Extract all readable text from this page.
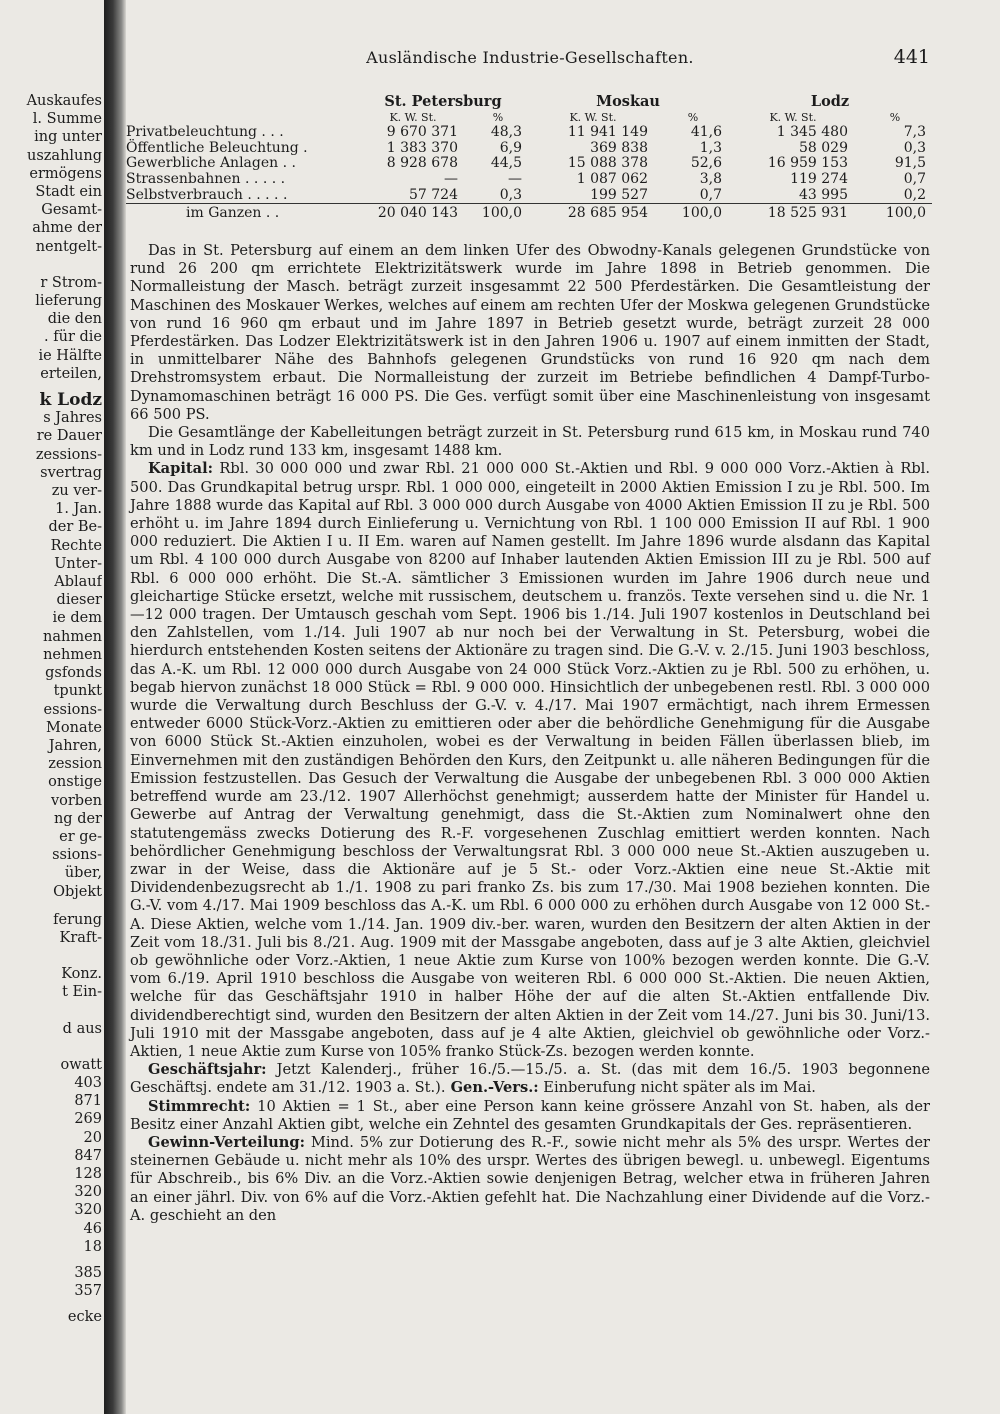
Auskaufes
l. Summe
ing unter
uszahlung
ermögens
Stadt ein
Gesamt-
ahme der
nentgelt-
r Strom-
lieferung
die den
. für die
ie Hälfte
erteilen,
k Lodz
s Jahres
re Dauer
zessions-
svertrag
zu ver-
1. Jan.
der Be-
Rechte
Unter-
Ablauf
dieser
ie dem
nahmen
nehmen
gsfonds
tpunkt
essions-
Monate
Jahren,
zession
onstige
vorben
ng der
er ge-
ssions-
über,
Objekt
ferung
Kraft-
Konz.
t Ein-
d aus
owatt
403
871
269
20
847
128
320
320
46
18
385
357
ecke
Ausländische Industrie-Gesellschaften.	441
	St. Petersburg		Moskau		Lodz	
	K. W. St.	%	K. W. St.	%	K. W. St.	%
Privatbeleuchtung . . .	9 670 371	48,3	11 941 149	41,6	1 345 480	7,3
Öffentliche Beleuchtung .	1 383 370	6,9	369 838	1,3	58 029	0,3
Gewerbliche Anlagen . .	8 928 678	44,5	15 088 378	52,6	16 959 153	91,5
Strassenbahnen . . . . .	—	—	1 087 062	3,8	119 274	0,7
Selbstverbrauch . . . . .	57 724	0,3	199 527	0,7	43 995	0,2
im Ganzen . .	20 040 143	100,0	28 685 954	100,0	18 525 931	100,0

Das in St. Petersburg auf einem an dem linken Ufer des Obwodny-Kanals gelegenen Grundstücke von rund 26 200 qm errichtete Elektrizitätswerk wurde im Jahre 1898 in Betrieb genommen. Die Normalleistung der Masch. beträgt zurzeit insgesammt 22 500 Pferdestärken. Die Gesamtleistung der Maschinen des Moskauer Werkes, welches auf einem am rechten Ufer der Moskwa gelegenen Grundstücke von rund 16 960 qm erbaut und im Jahre 1897 in Betrieb gesetzt wurde, beträgt zurzeit 28 000 Pferdestärken. Das Lodzer Elektrizitätswerk ist in den Jahren 1906 u. 1907 auf einem inmitten der Stadt, in unmittelbarer Nähe des Bahnhofs gelegenen Grundstücks von rund 16 920 qm nach dem Drehstromsystem erbaut. Die Normalleistung der zurzeit im Betriebe befindlichen 4 Dampf-Turbo-Dynamomaschinen beträgt 16 000 PS. Die Ges. verfügt somit über eine Maschinenleistung von insgesamt 66 500 PS.

Die Gesamtlänge der Kabelleitungen beträgt zurzeit in St. Petersburg rund 615 km, in Moskau rund 740 km und in Lodz rund 133 km, insgesamt 1488 km.

Kapital: Rbl. 30 000 000 und zwar Rbl. 21 000 000 St.-Aktien und Rbl. 9 000 000 Vorz.-Aktien à Rbl. 500. Das Grundkapital betrug urspr. Rbl. 1 000 000, eingeteilt in 2000 Aktien Emission I zu je Rbl. 500. Im Jahre 1888 wurde das Kapital auf Rbl. 3 000 000 durch Ausgabe von 4000 Aktien Emission II zu je Rbl. 500 erhöht u. im Jahre 1894 durch Einlieferung u. Vernichtung von Rbl. 1 100 000 Emission II auf Rbl. 1 900 000 reduziert. Die Aktien I u. II Em. waren auf Namen gestellt. Im Jahre 1896 wurde alsdann das Kapital um Rbl. 4 100 000 durch Ausgabe von 8200 auf Inhaber lautenden Aktien Emission III zu je Rbl. 500 auf Rbl. 6 000 000 erhöht. Die St.-A. sämtlicher 3 Emissionen wurden im Jahre 1906 durch neue und gleichartige Stücke ersetzt, welche mit russischem, deutschem u. französ. Texte versehen sind u. die Nr. 1—12 000 tragen. Der Umtausch geschah vom Sept. 1906 bis 1./14. Juli 1907 kostenlos in Deutschland bei den Zahlstellen, vom 1./14. Juli 1907 ab nur noch bei der Verwaltung in St. Petersburg, wobei die hierdurch entstehenden Kosten seitens der Aktionäre zu tragen sind. Die G.-V. v. 2./15. Juni 1903 beschloss, das A.-K. um Rbl. 12 000 000 durch Ausgabe von 24 000 Stück Vorz.-Aktien zu je Rbl. 500 zu erhöhen, u. begab hiervon zunächst 18 000 Stück = Rbl. 9 000 000. Hinsichtlich der unbegebenen restl. Rbl. 3 000 000 wurde die Verwaltung durch Beschluss der G.-V. v. 4./17. Mai 1907 ermächtigt, nach ihrem Ermessen entweder 6000 Stück-Vorz.-Aktien zu emittieren oder aber die behördliche Genehmigung für die Ausgabe von 6000 Stück St.-Aktien einzuholen, wobei es der Verwaltung in beiden Fällen überlassen blieb, im Einvernehmen mit den zuständigen Behörden den Kurs, den Zeitpunkt u. alle näheren Bedingungen für die Emission festzustellen. Das Gesuch der Verwaltung die Ausgabe der unbegebenen Rbl. 3 000 000 Aktien betreffend wurde am 23./12. 1907 Allerhöchst genehmigt; ausserdem hatte der Minister für Handel u. Gewerbe auf Antrag der Verwaltung genehmigt, dass die St.-Aktien zum Nominalwert ohne den statutengemäss zwecks Dotierung des R.-F. vorgesehenen Zuschlag emittiert werden konnten. Nach behördlicher Genehmigung beschloss der Verwaltungsrat Rbl. 3 000 000 neue St.-Aktien auszugeben u. zwar in der Weise, dass die Aktionäre auf je 5 St.- oder Vorz.-Aktien eine neue St.-Aktie mit Dividendenbezugsrecht ab 1./1. 1908 zu pari franko Zs. bis zum 17./30. Mai 1908 beziehen konnten. Die G.-V. vom 4./17. Mai 1909 beschloss das A.-K. um Rbl. 6 000 000 zu erhöhen durch Ausgabe von 12 000 St.-A. Diese Aktien, welche vom 1./14. Jan. 1909 div.-ber. waren, wurden den Besitzern der alten Aktien in der Zeit vom 18./31. Juli bis 8./21. Aug. 1909 mit der Massgabe angeboten, dass auf je 3 alte Aktien, gleichviel ob gewöhnliche oder Vorz.-Aktien, 1 neue Aktie zum Kurse von 100% bezogen werden konnte. Die G.-V. vom 6./19. April 1910 beschloss die Ausgabe von weiteren Rbl. 6 000 000 St.-Aktien. Die neuen Aktien, welche für das Geschäftsjahr 1910 in halber Höhe der auf die alten St.-Aktien entfallende Div. dividendberechtigt sind, wurden den Besitzern der alten Aktien in der Zeit vom 14./27. Juni bis 30. Juni/13. Juli 1910 mit der Massgabe angeboten, dass auf je 4 alte Aktien, gleichviel ob gewöhnliche oder Vorz.-Aktien, 1 neue Aktie zum Kurse von 105% franko Stück-Zs. bezogen werden konnte.

Geschäftsjahr: Jetzt Kalenderj., früher 16./5.—15./5. a. St. (das mit dem 16./5. 1903 begonnene Geschäftsj. endete am 31./12. 1903 a. St.). Gen.-Vers.: Einberufung nicht später als im Mai.

Stimmrecht: 10 Aktien = 1 St., aber eine Person kann keine grössere Anzahl von St. haben, als der Besitz einer Anzahl Aktien gibt, welche ein Zehntel des gesamten Grundkapitals der Ges. repräsentieren.

Gewinn-Verteilung: Mind. 5% zur Dotierung des R.-F., sowie nicht mehr als 5% des urspr. Wertes der steinernen Gebäude u. nicht mehr als 10% des urspr. Wertes des übrigen bewegl. u. unbewegl. Eigentums für Abschreib., bis 6% Div. an die Vorz.-Aktien sowie denjenigen Betrag, welcher etwa in früheren Jahren an einer jährl. Div. von 6% auf die Vorz.-Aktien gefehlt hat. Die Nachzahlung einer Dividende auf die Vorz.-A. geschieht an den
